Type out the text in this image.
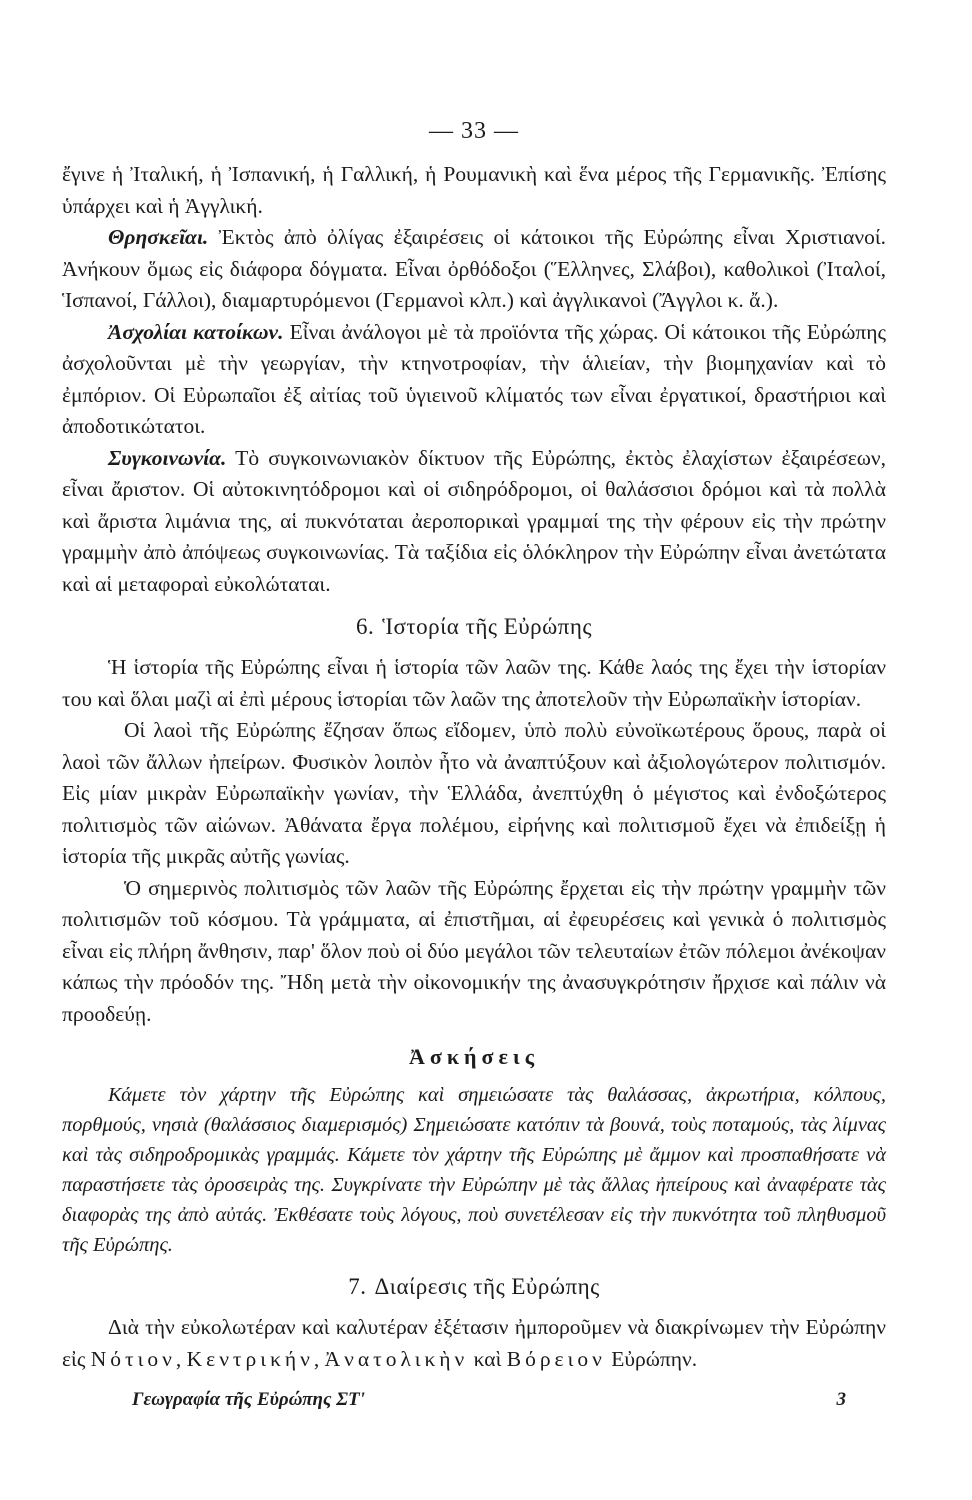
— 33 —

ἔγινε ἡ Ἰταλική, ἡ Ἰσπανική, ἡ Γαλλική, ἡ Ρουμανικὴ καὶ ἕνα μέρος τῆς Γερμανικῆς. Ἐπίσης ὑπάρχει καὶ ἡ Ἀγγλική.

Θρησκεῖαι. Ἐκτὸς ἀπὸ ὀλίγας ἐξαιρέσεις οἱ κάτοικοι τῆς Εὐρώπης εἶναι Χριστιανοί. Ἀνήκουν ὅμως εἰς διάφορα δόγματα. Εἶναι ὀρθόδοξοι (Ἕλληνες, Σλάβοι), καθολικοὶ (Ἰταλοί, Ἱσπανοί, Γάλλοι), διαμαρτυρόμενοι (Γερμανοὶ κλπ.) καὶ ἀγγλικανοὶ (Ἄγγλοι κ. ἄ.).

Ἀσχολίαι κατοίκων. Εἶναι ἀνάλογοι μὲ τὰ προϊόντα τῆς χώρας. Οἱ κάτοικοι τῆς Εὐρώπης ἀσχολοῦνται μὲ τὴν γεωργίαν, τὴν κτηνοτροφίαν, τὴν ἁλιείαν, τὴν βιομηχανίαν καὶ τὸ ἐμπόριον. Οἱ Εὐρωπαῖοι ἐξ αἰτίας τοῦ ὑγιεινοῦ κλίματός των εἶναι ἐργατικοί, δραστήριοι καὶ ἀποδοτικώτατοι.

Συγκοινωνία. Τὸ συγκοινωνιακὸν δίκτυον τῆς Εὐρώπης, ἐκτὸς ἐλαχίστων ἐξαιρέσεων, εἶναι ἄριστον. Οἱ αὐτοκινητόδρομοι καὶ οἱ σιδηρόδρομοι, οἱ θαλάσσιοι δρόμοι καὶ τὰ πολλὰ καὶ ἄριστα λιμάνια της, αἱ πυκνόταται ἀεροπορικαὶ γραμμαί της τὴν φέρουν εἰς τὴν πρώτην γραμμὴν ἀπὸ ἀπόψεως συγκοινωνίας. Τὰ ταξίδια εἰς ὁλόκληρον τὴν Εὐρώπην εἶναι ἀνετώτατα καὶ αἱ μεταφοραὶ εὐκολώταται.

6. Ἱστορία τῆς Εὐρώπης

Ἡ ἱστορία τῆς Εὐρώπης εἶναι ἡ ἱστορία τῶν λαῶν της. Κάθε λαός της ἔχει τὴν ἱστορίαν του καὶ ὅλαι μαζὶ αἱ ἐπὶ μέρους ἱστορίαι τῶν λαῶν της ἀποτελοῦν τὴν Εὐρωπαϊκὴν ἱστορίαν.

Οἱ λαοὶ τῆς Εὐρώπης ἔζησαν ὅπως εἴδομεν, ὑπὸ πολὺ εὐνοϊκωτέρους ὅρους, παρὰ οἱ λαοὶ τῶν ἄλλων ἠπείρων. Φυσικὸν λοιπὸν ἦτο νὰ ἀναπτύξουν καὶ ἀξιολογώτερον πολιτισμόν. Εἰς μίαν μικρὰν Εὐρωπαϊκὴν γωνίαν, τὴν Ἑλλάδα, ἀνεπτύχθη ὁ μέγιστος καὶ ἐνδοξώτερος πολιτισμὸς τῶν αἰώνων. Ἀθάνατα ἔργα πολέμου, εἰρήνης καὶ πολιτισμοῦ ἔχει νὰ ἐπιδείξῃ ἡ ἱστορία τῆς μικρᾶς αὐτῆς γωνίας.

Ὁ σημερινὸς πολιτισμὸς τῶν λαῶν τῆς Εὐρώπης ἔρχεται εἰς τὴν πρώτην γραμμὴν τῶν πολιτισμῶν τοῦ κόσμου. Τὰ γράμματα, αἱ ἐπιστῆμαι, αἱ ἐφευρέσεις καὶ γενικὰ ὁ πολιτισμὸς εἶναι εἰς πλήρη ἄνθησιν, παρ' ὅλον ποὺ οἱ δύο μεγάλοι τῶν τελευταίων ἐτῶν πόλεμοι ἀνέκοψαν κάπως τὴν πρόοδόν της. Ἤδη μετὰ τὴν οἰκονομικήν της ἀνασυγκρότησιν ἤρχισε καὶ πάλιν νὰ προοδεύῃ.

Ἀσκήσεις

Κάμετε τὸν χάρτην τῆς Εὐρώπης καὶ σημειώσατε τὰς θαλάσσας, ἀκρωτήρια, κόλπους, πορθμούς, νησιὰ (θαλάσσιος διαμερισμός) Σημειώσατε κατόπιν τὰ βουνά, τοὺς ποταμούς, τὰς λίμνας καὶ τὰς σιδηροδρομικὰς γραμμάς. Κάμετε τὸν χάρτην τῆς Εὐρώπης μὲ ἄμμον καὶ προσπαθήσατε νὰ παραστήσετε τὰς ὀροσειρὰς της. Συγκρίνατε τὴν Εὐρώπην μὲ τὰς ἄλλας ἠπείρους καὶ ἀναφέρατε τὰς διαφορὰς της ἀπὸ αὐτάς. Ἐκθέσατε τοὺς λόγους, ποὺ συνετέλεσαν εἰς τὴν πυκνότητα τοῦ πληθυσμοῦ τῆς Εὐρώπης.

7. Διαίρεσις τῆς Εὐρώπης

Διὰ τὴν εὐκολωτέραν καὶ καλυτέραν ἐξέτασιν ἠμποροῦμεν νὰ διακρίνωμεν τὴν Εὐρώπην εἰς Νότιον, Κεντρικήν, Ἀνατολικὴν καὶ Βόρειον Εὐρώπην.

Γεωγραφία τῆς Εὐρώπης ΣΤ'	3
